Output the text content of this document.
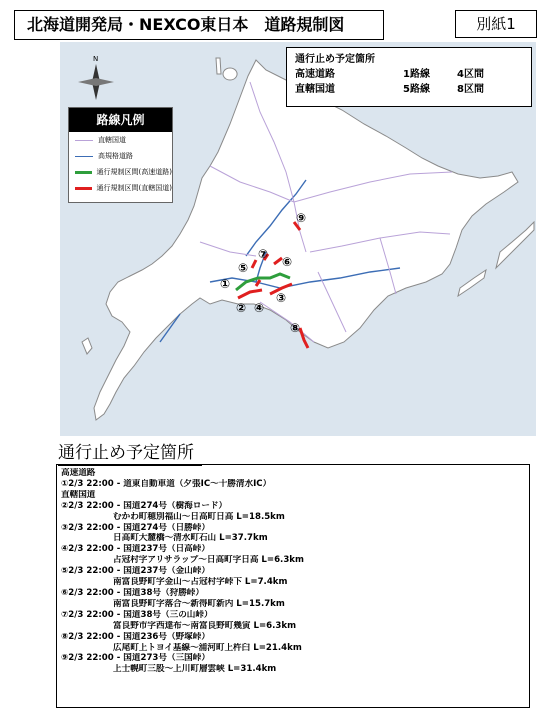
北海道開発局・NEXCO東日本　道路規制図	別紙1
N
①
②
③
④
⑤	⑥
⑦
⑧
⑨
通行止め予定箇所
高速道路	1路線	4区間
直轄国道	5路線	8区間
路線凡例
直轄国道
高規格道路
通行規制区間(高速道路)
通行規制区間(直轄国道)
通行止め予定箇所
高速道路
①2/3 22:00 - 道東自動車道（夕張IC～十勝清水IC）
直轄国道
②2/3 22:00 - 国道274号（樹海ロード）
むかわ町穂別福山～日高町日高 L=18.5km
③2/3 22:00 - 国道274号（日勝峠）
日高町大麓橋～清水町石山 L=37.7km
④2/3 22:00 - 国道237号（日高峠）
占冠村字アリサラップ～日高町字日高 L=6.3km
⑤2/3 22:00 - 国道237号（金山峠）
南富良野町字金山～占冠村字峠下 L=7.4km
⑥2/3 22:00 - 国道38号（狩勝峠）
南富良野町字落合～新得町新内 L=15.7km
⑦2/3 22:00 - 国道38号（三の山峠）
富良野市字西達布～南富良野町幾寅 L=6.3km
⑧2/3 22:00 - 国道236号（野塚峠）
広尾町上トヨイ基線～浦河町上杵臼 L=21.4km
⑨2/3 22:00 - 国道273号（三国峠）
上士幌町三股～上川町層雲峡 L=31.4km
